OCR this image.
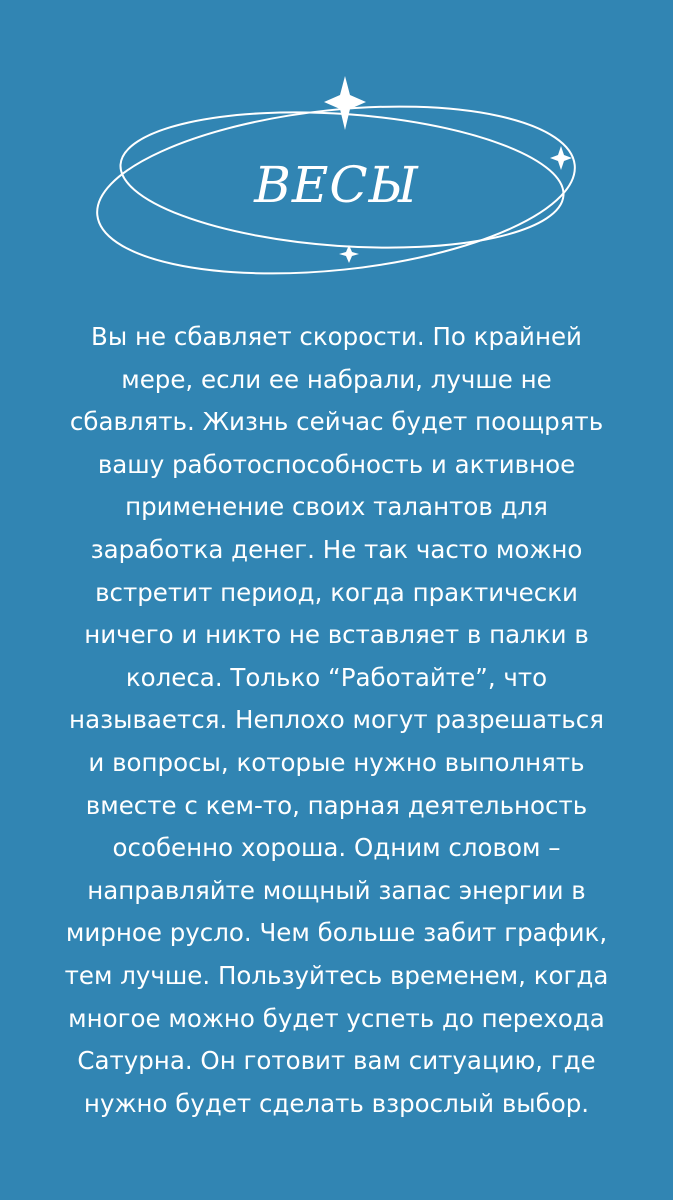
ВЕСЫ

Вы не сбавляет скорости. По крайней
мере, если ее набрали, лучше не
сбавлять. Жизнь сейчас будет поощрять
вашу работоспособность и активное
применение своих талантов для
заработка денег. Не так часто можно
встретит период, когда практически
ничего и никто не вставляет в палки в
колеса. Только “Работайте”, что
называется. Неплохо могут разрешаться
и вопросы, которые нужно выполнять
вместе с кем-то, парная деятельность
особенно хороша. Одним словом –
направляйте мощный запас энергии в
мирное русло. Чем больше забит график,
тем лучше. Пользуйтесь временем, когда
многое можно будет успеть до перехода
Сатурна. Он готовит вам ситуацию, где
нужно будет сделать взрослый выбор.
